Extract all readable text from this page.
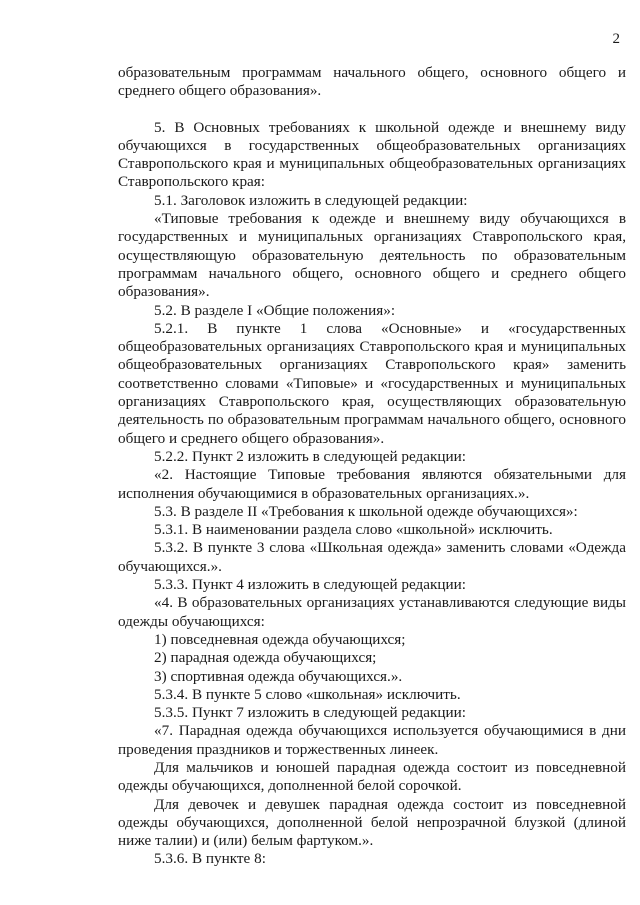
2

образовательным программам начального общего, основного общего и среднего общего образования».

5. В Основных требованиях к школьной одежде и внешнему виду обучающихся в государственных общеобразовательных организациях Ставропольского края и муниципальных общеобразовательных организациях Ставропольского края:

5.1. Заголовок изложить в следующей редакции:

«Типовые требования к одежде и внешнему виду обучающихся в государственных и муниципальных организациях Ставропольского края, осуществляющую образовательную деятельность по образовательным программам начального общего, основного общего и среднего общего образования».

5.2. В разделе I «Общие положения»:

5.2.1. В пункте 1 слова «Основные» и «государственных общеобразовательных организациях Ставропольского края и муниципальных общеобразовательных организациях Ставропольского края» заменить соответственно словами «Типовые» и «государственных и муниципальных организациях Ставропольского края, осуществляющих образовательную деятельность по образовательным программам начального общего, основного общего и среднего общего образования».

5.2.2. Пункт 2 изложить в следующей редакции:

«2. Настоящие Типовые требования являются обязательными для исполнения обучающимися в образовательных организациях.».

5.3. В разделе II «Требования к школьной одежде обучающихся»:

5.3.1. В наименовании раздела слово «школьной» исключить.

5.3.2. В пункте 3 слова «Школьная одежда» заменить словами «Одежда обучающихся.».

5.3.3. Пункт 4 изложить в следующей редакции:

«4. В образовательных организациях устанавливаются следующие виды одежды обучающихся:

1) повседневная одежда обучающихся;

2) парадная одежда обучающихся;

3) спортивная одежда обучающихся.».

5.3.4. В пункте 5 слово «школьная» исключить.

5.3.5. Пункт 7 изложить в следующей редакции:

«7. Парадная одежда обучающихся используется обучающимися в дни проведения праздников и торжественных линеек.

Для мальчиков и юношей парадная одежда состоит из повседневной одежды обучающихся, дополненной белой сорочкой.

Для девочек и девушек парадная одежда состоит из повседневной одежды обучающихся, дополненной белой непрозрачной блузкой (длиной ниже талии) и (или) белым фартуком.».

5.3.6. В пункте 8:
